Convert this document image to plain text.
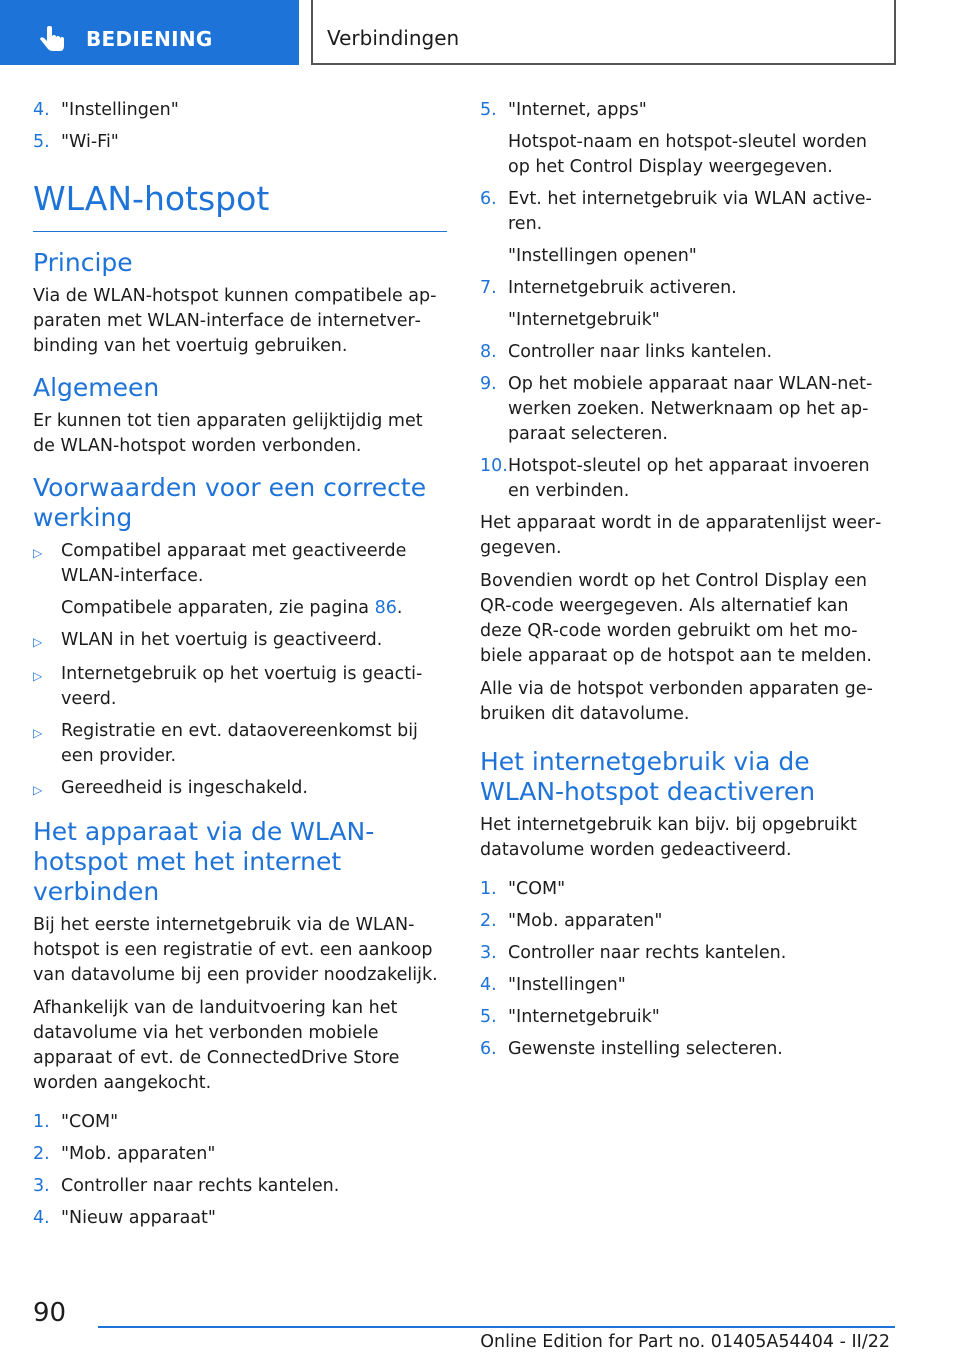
BEDIENING	Verbindingen
4. "Instellingen"
5. "Wi-Fi"
WLAN-hotspot
Principe
Via de WLAN-hotspot kunnen compatibele apparaten met WLAN-interface de internetverbinding van het voertuig gebruiken.
Algemeen
Er kunnen tot tien apparaten gelijktijdig met de WLAN-hotspot worden verbonden.
Voorwaarden voor een correcte werking
▷	Compatibel apparaat met geactiveerde WLAN-interface.
Compatibele apparaten, zie pagina 86.
▷	WLAN in het voertuig is geactiveerd.
▷	Internetgebruik op het voertuig is geactiveerd.
▷	Registratie en evt. dataovereenkomst bij een provider.
▷	Gereedheid is ingeschakeld.
Het apparaat via de WLAN-hotspot met het internet verbinden
Bij het eerste internetgebruik via de WLAN-hotspot is een registratie of evt. een aankoop van datavolume bij een provider noodzakelijk.
Afhankelijk van de landuitvoering kan het datavolume via het verbonden mobiele apparaat of evt. de ConnectedDrive Store worden aangekocht.
1. "COM"
2. "Mob. apparaten"
3. Controller naar rechts kantelen.
4. "Nieuw apparaat"
5. "Internet, apps"
Hotspot-naam en hotspot-sleutel worden op het Control Display weergegeven.
6. Evt. het internetgebruik via WLAN activeren.
"Instellingen openen"
7. Internetgebruik activeren.
"Internetgebruik"
8. Controller naar links kantelen.
9. Op het mobiele apparaat naar WLAN-netwerken zoeken. Netwerknaam op het apparaat selecteren.
10. Hotspot-sleutel op het apparaat invoeren en verbinden.
Het apparaat wordt in de apparatenlijst weergegeven.
Bovendien wordt op het Control Display een QR-code weergegeven. Als alternatief kan deze QR-code worden gebruikt om het mobiele apparaat op de hotspot aan te melden.
Alle via de hotspot verbonden apparaten gebruiken dit datavolume.
Het internetgebruik via de WLAN-hotspot deactiveren
Het internetgebruik kan bijv. bij opgebruikt datavolume worden gedeactiveerd.
1. "COM"
2. "Mob. apparaten"
3. Controller naar rechts kantelen.
4. "Instellingen"
5. "Internetgebruik"
6. Gewenste instelling selecteren.
90
Online Edition for Part no. 01405A54404 - II/22
